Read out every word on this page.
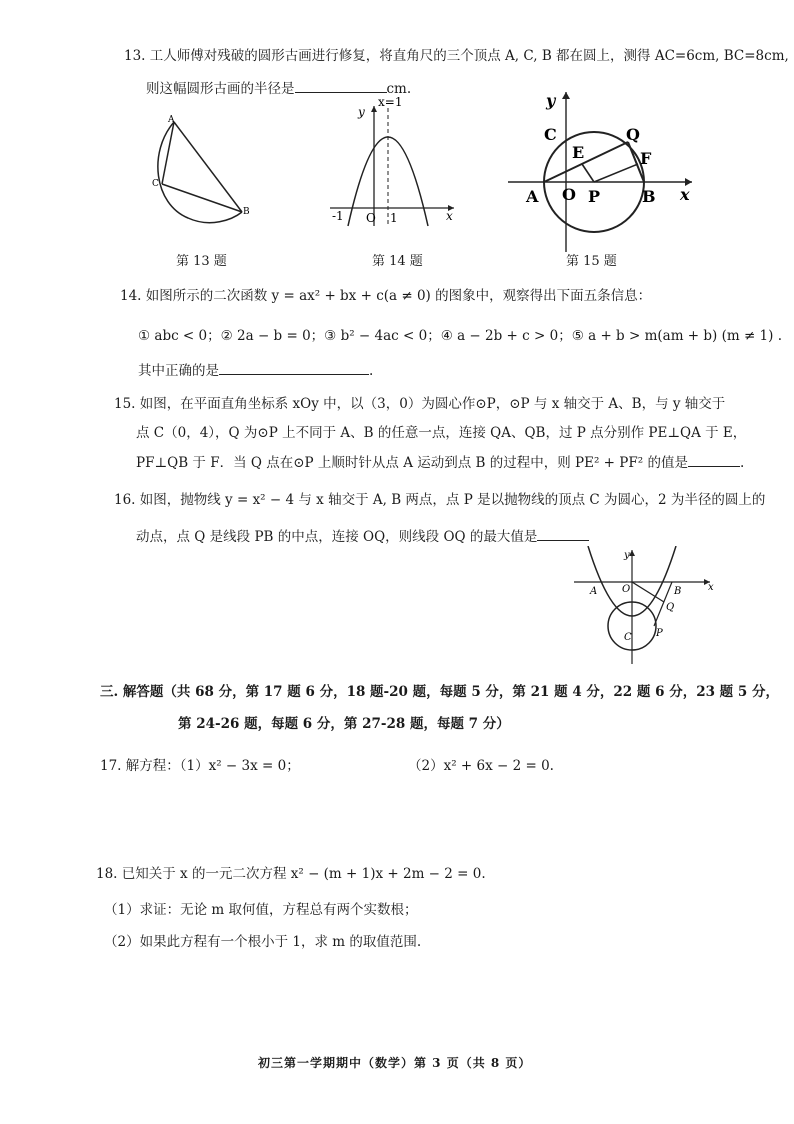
13. 工人师傅对残破的圆形古画进行修复，将直角尺的三个顶点 A, C, B 都在圆上，测得 AC=6cm, BC=8cm,
则这幅圆形古画的半径是	cm.
A
C
B
第 13 题
y
x=1
-1 O 1	x
第 14 题
y
C	Q
E	F
A O P	B x
第 15 题
14. 如图所示的二次函数 y = ax² + bx + c(a ≠ 0) 的图象中，观察得出下面五条信息：
① abc < 0；② 2a − b = 0；③ b² − 4ac < 0；④ a − 2b + c > 0；⑤ a + b > m(am + b) (m ≠ 1) .
其中正确的是	.
15. 如图，在平面直角坐标系 xOy 中，以（3，0）为圆心作⊙P，⊙P 与 x 轴交于 A、B，与 y 轴交于
点 C（0，4），Q 为⊙P 上不同于 A、B 的任意一点，连接 QA、QB，过 P 点分别作 PE⊥QA 于 E，
PF⊥QB 于 F．当 Q 点在⊙P 上顺时针从点 A 运动到点 B 的过程中，则 PE² + PF² 的值是	.
16. 如图，抛物线 y = x² − 4 与 x 轴交于 A, B 两点，点 P 是以抛物线的顶点 C 为圆心，2 为半径的圆上的
动点，点 Q 是线段 PB 的中点，连接 OQ，则线段 OQ 的最大值是
y
O
A	B	x
Q
C P
三. 解答题（共 68 分，第 17 题 6 分，18 题-20 题，每题 5 分，第 21 题 4 分，22 题 6 分，23 题 5 分，
第 24-26 题，每题 6 分，第 27-28 题，每题 7 分）
17. 解方程：（1）x² − 3x = 0；	（2）x² + 6x − 2 = 0.
18. 已知关于 x 的一元二次方程 x² − (m + 1)x + 2m − 2 = 0.
（1）求证：无论 m 取何值，方程总有两个实数根；
（2）如果此方程有一个根小于 1，求 m 的取值范围.
初三第一学期期中（数学）第 3 页（共 8 页）
